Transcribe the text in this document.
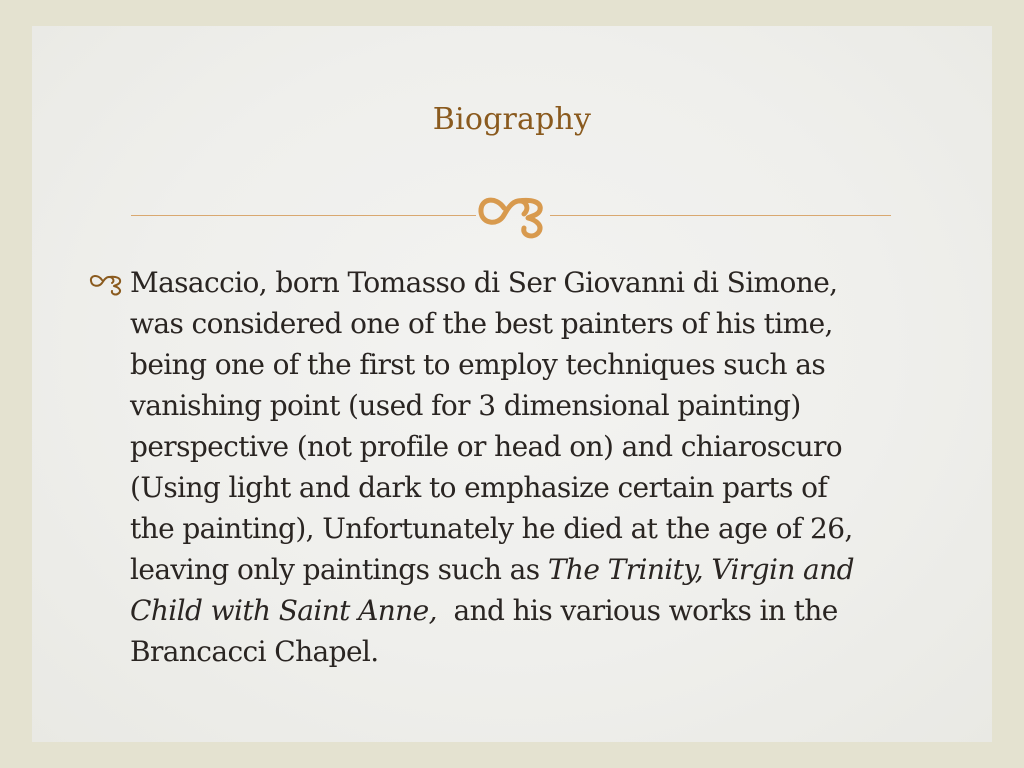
Biography
Masaccio, born Tomasso di Ser Giovanni di Simone,
was considered one of the best painters of his time,
being one of the first to employ techniques such as
vanishing point (used for 3 dimensional painting)
perspective (not profile or head on) and chiaroscuro
(Using light and dark to emphasize certain parts of
the painting), Unfortunately he died at the age of 26,
leaving only paintings such as The Trinity, Virgin and
Child with Saint Anne,  and his various works in the
Brancacci Chapel.
